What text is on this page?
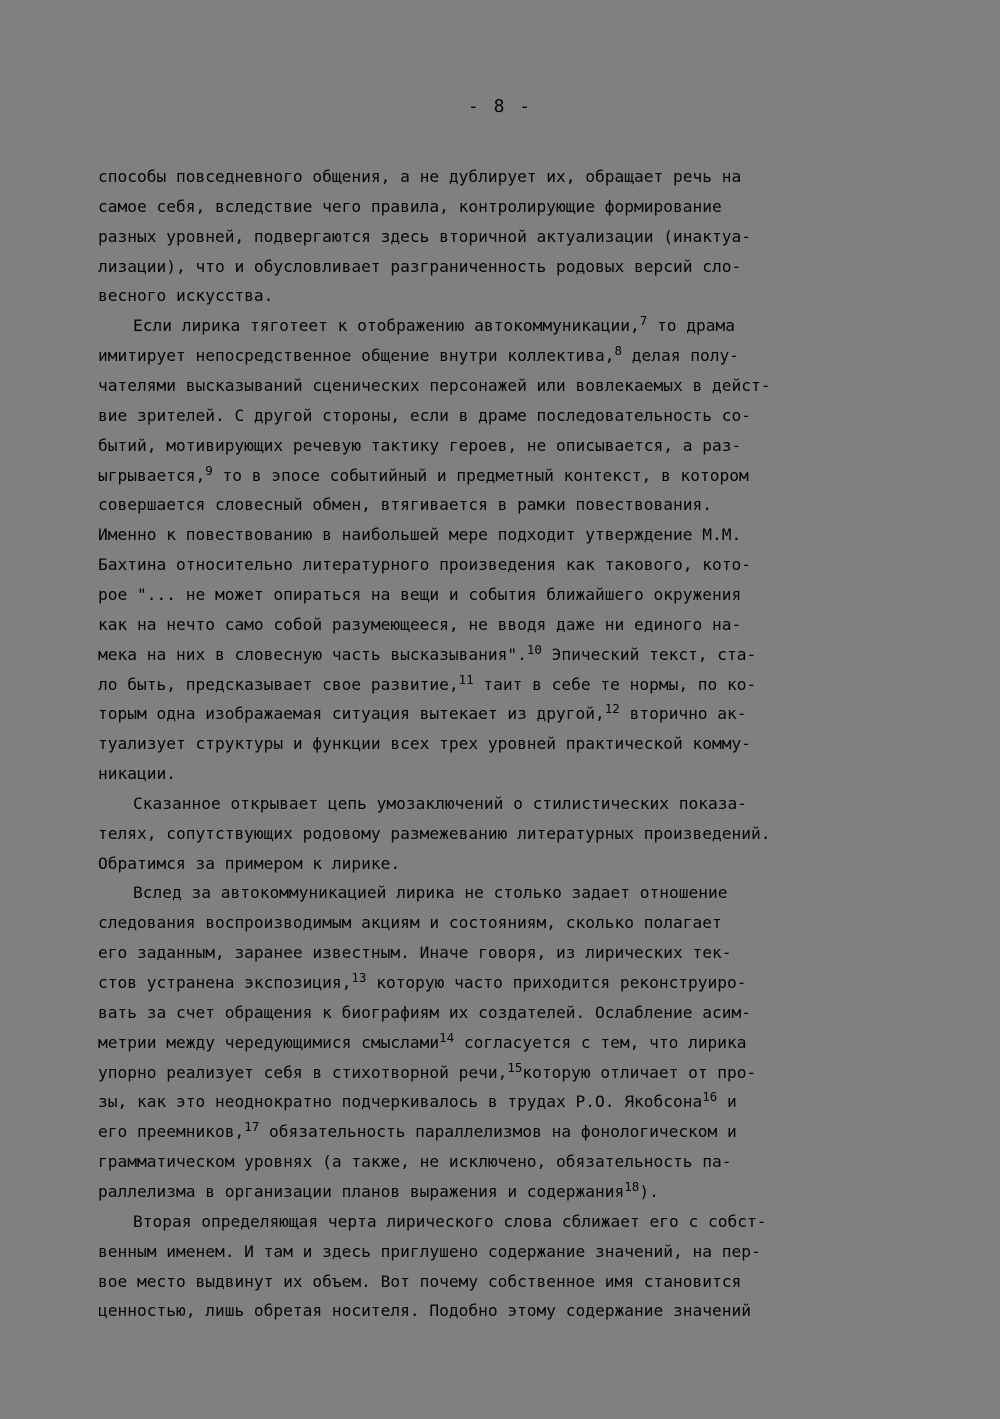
- 8 -
способы повседневного общения, а не дублирует их, обращает речь на
самое себя, вследствие чего правила, контролирующие формирование
разных уровней, подвергаются здесь вторичной актуализации (инактуа-
лизации), что и обусловливает разграниченность родовых версий сло-
весного искусства.
Если лирика тяготеет к отображению автокоммуникации,$^7$ то драма
имитирует непосредственное общение внутри коллектива,$^8$ делая полу-
чателями высказываний сценических персонажей или вовлекаемых в дейст-
вие зрителей. С другой стороны, если в драме последовательность со-
бытий, мотивирующих речевую тактику героев, не описывается, а раз-
ыгрывается,$^9$ то в эпосе событийный и предметный контекст, в котором
совершается словесный обмен, втягивается в рамки повествования.
Именно к повествованию в наибольшей мере подходит утверждение М.М.
Бахтина относительно литературного произведения как такового, кото-
рое "... не может опираться на вещи и события ближайшего окружения
как на нечто само собой разумеющееся, не вводя даже ни единого на-
мека на них в словесную часть высказывания".$^{10}$ Эпический текст, ста-
ло быть, предсказывает свое развитие,$^{11}$ таит в себе те нормы, по ко-
торым одна изображаемая ситуация вытекает из другой,$^{12}$ вторично ак-
туализует структуры и функции всех трех уровней практической комму-
никации.
Сказанное открывает цепь умозаключений о стилистических показа-
телях, сопутствующих родовому размежеванию литературных произведений.
Обратимся за примером к лирике.
Вслед за автокоммуникацией лирика не столько задает отношение
следования воспроизводимым акциям и состояниям, сколько полагает
его заданным, заранее известным. Иначе говоря, из лирических тек-
стов устранена экспозиция,$^{13}$ которую часто приходится реконструиро-
вать за счет обращения к биографиям их создателей. Ослабление асим-
метрии между чередующимися смыслами$^{14}$ согласуется с тем, что лирика
упорно реализует себя в стихотворной речи,$^{15}$которую отличает от про-
зы, как это неоднократно подчеркивалось в трудах Р.О. Якобсона$^{16}$ и
его преемников,$^{17}$ обязательность параллелизмов на фонологическом и
грамматическом уровнях (а также, не исключено, обязательность па-
раллелизма в организации планов выражения и содержания$^{18}$).
Вторая определяющая черта лирического слова сближает его с собст-
венным именем. И там и здесь приглушено содержание значений, на пер-
вое место выдвинут их объем. Вот почему собственное имя становится
ценностью, лишь обретая носителя. Подобно этому содержание значений
